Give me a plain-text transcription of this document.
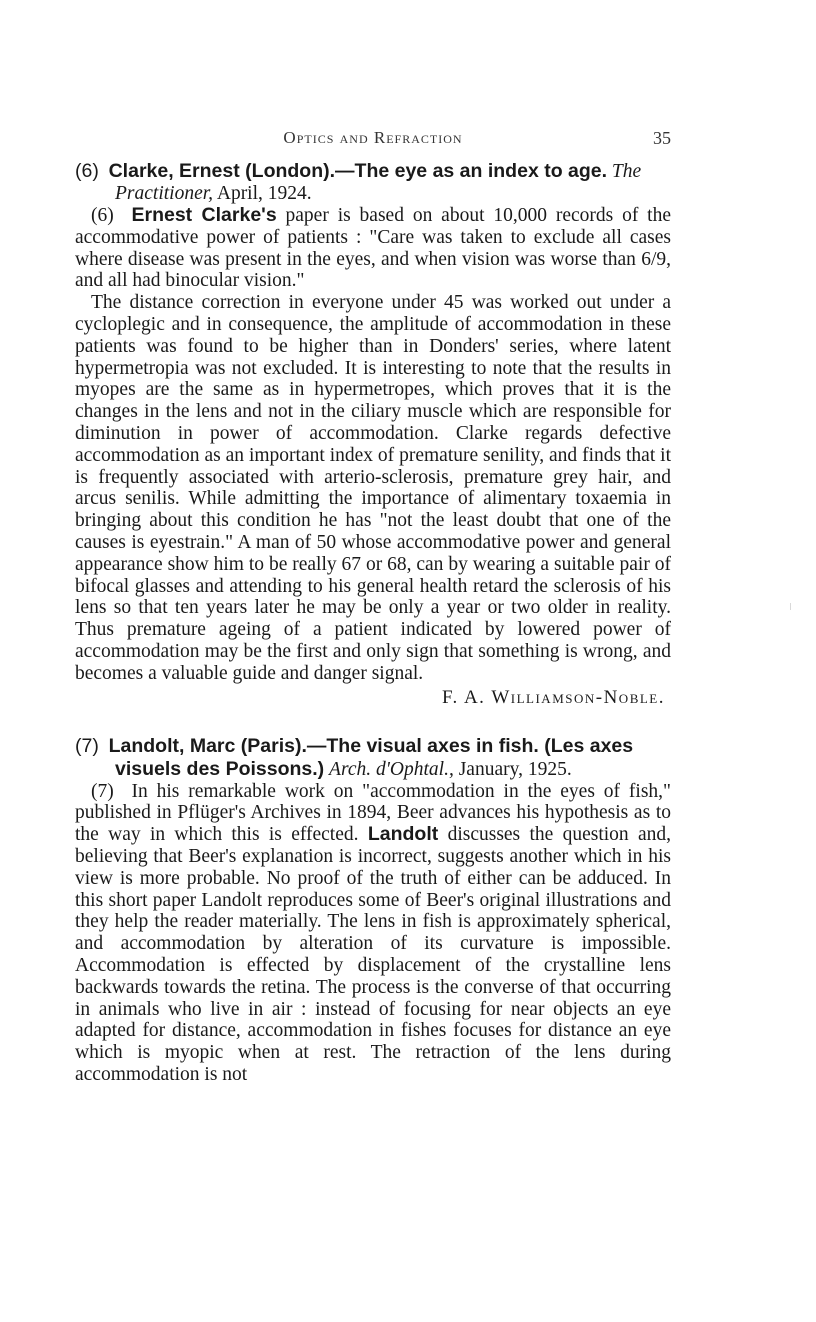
Optics and Refraction	35

(6) Clarke, Ernest (London).—The eye as an index to age. The Practitioner, April, 1924.

(6) Ernest Clarke's paper is based on about 10,000 records of the accommodative power of patients : "Care was taken to exclude all cases where disease was present in the eyes, and when vision was worse than 6/9, and all had binocular vision."

The distance correction in everyone under 45 was worked out under a cycloplegic and in consequence, the amplitude of accommodation in these patients was found to be higher than in Donders' series, where latent hypermetropia was not excluded. It is interesting to note that the results in myopes are the same as in hypermetropes, which proves that it is the changes in the lens and not in the ciliary muscle which are responsible for diminution in power of accommodation. Clarke regards defective accommodation as an important index of premature senility, and finds that it is frequently associated with arterio-sclerosis, premature grey hair, and arcus senilis. While admitting the importance of alimentary toxaemia in bringing about this condition he has "not the least doubt that one of the causes is eyestrain." A man of 50 whose accommodative power and general appearance show him to be really 67 or 68, can by wearing a suitable pair of bifocal glasses and attending to his general health retard the sclerosis of his lens so that ten years later he may be only a year or two older in reality. Thus premature ageing of a patient indicated by lowered power of accommodation may be the first and only sign that something is wrong, and becomes a valuable guide and danger signal.

F. A. Williamson-Noble.

(7) Landolt, Marc (Paris).—The visual axes in fish. (Les axes visuels des Poissons.) Arch. d'Ophtal., January, 1925.

(7) In his remarkable work on "accommodation in the eyes of fish," published in Pflüger's Archives in 1894, Beer advances his hypothesis as to the way in which this is effected. Landolt discusses the question and, believing that Beer's explanation is incorrect, suggests another which in his view is more probable. No proof of the truth of either can be adduced. In this short paper Landolt reproduces some of Beer's original illustrations and they help the reader materially. The lens in fish is approximately spherical, and accommodation by alteration of its curvature is impossible. Accommodation is effected by displacement of the crystalline lens backwards towards the retina. The process is the converse of that occurring in animals who live in air : instead of focusing for near objects an eye adapted for distance, accommodation in fishes focuses for distance an eye which is myopic when at rest. The retraction of the lens during accommodation is not
